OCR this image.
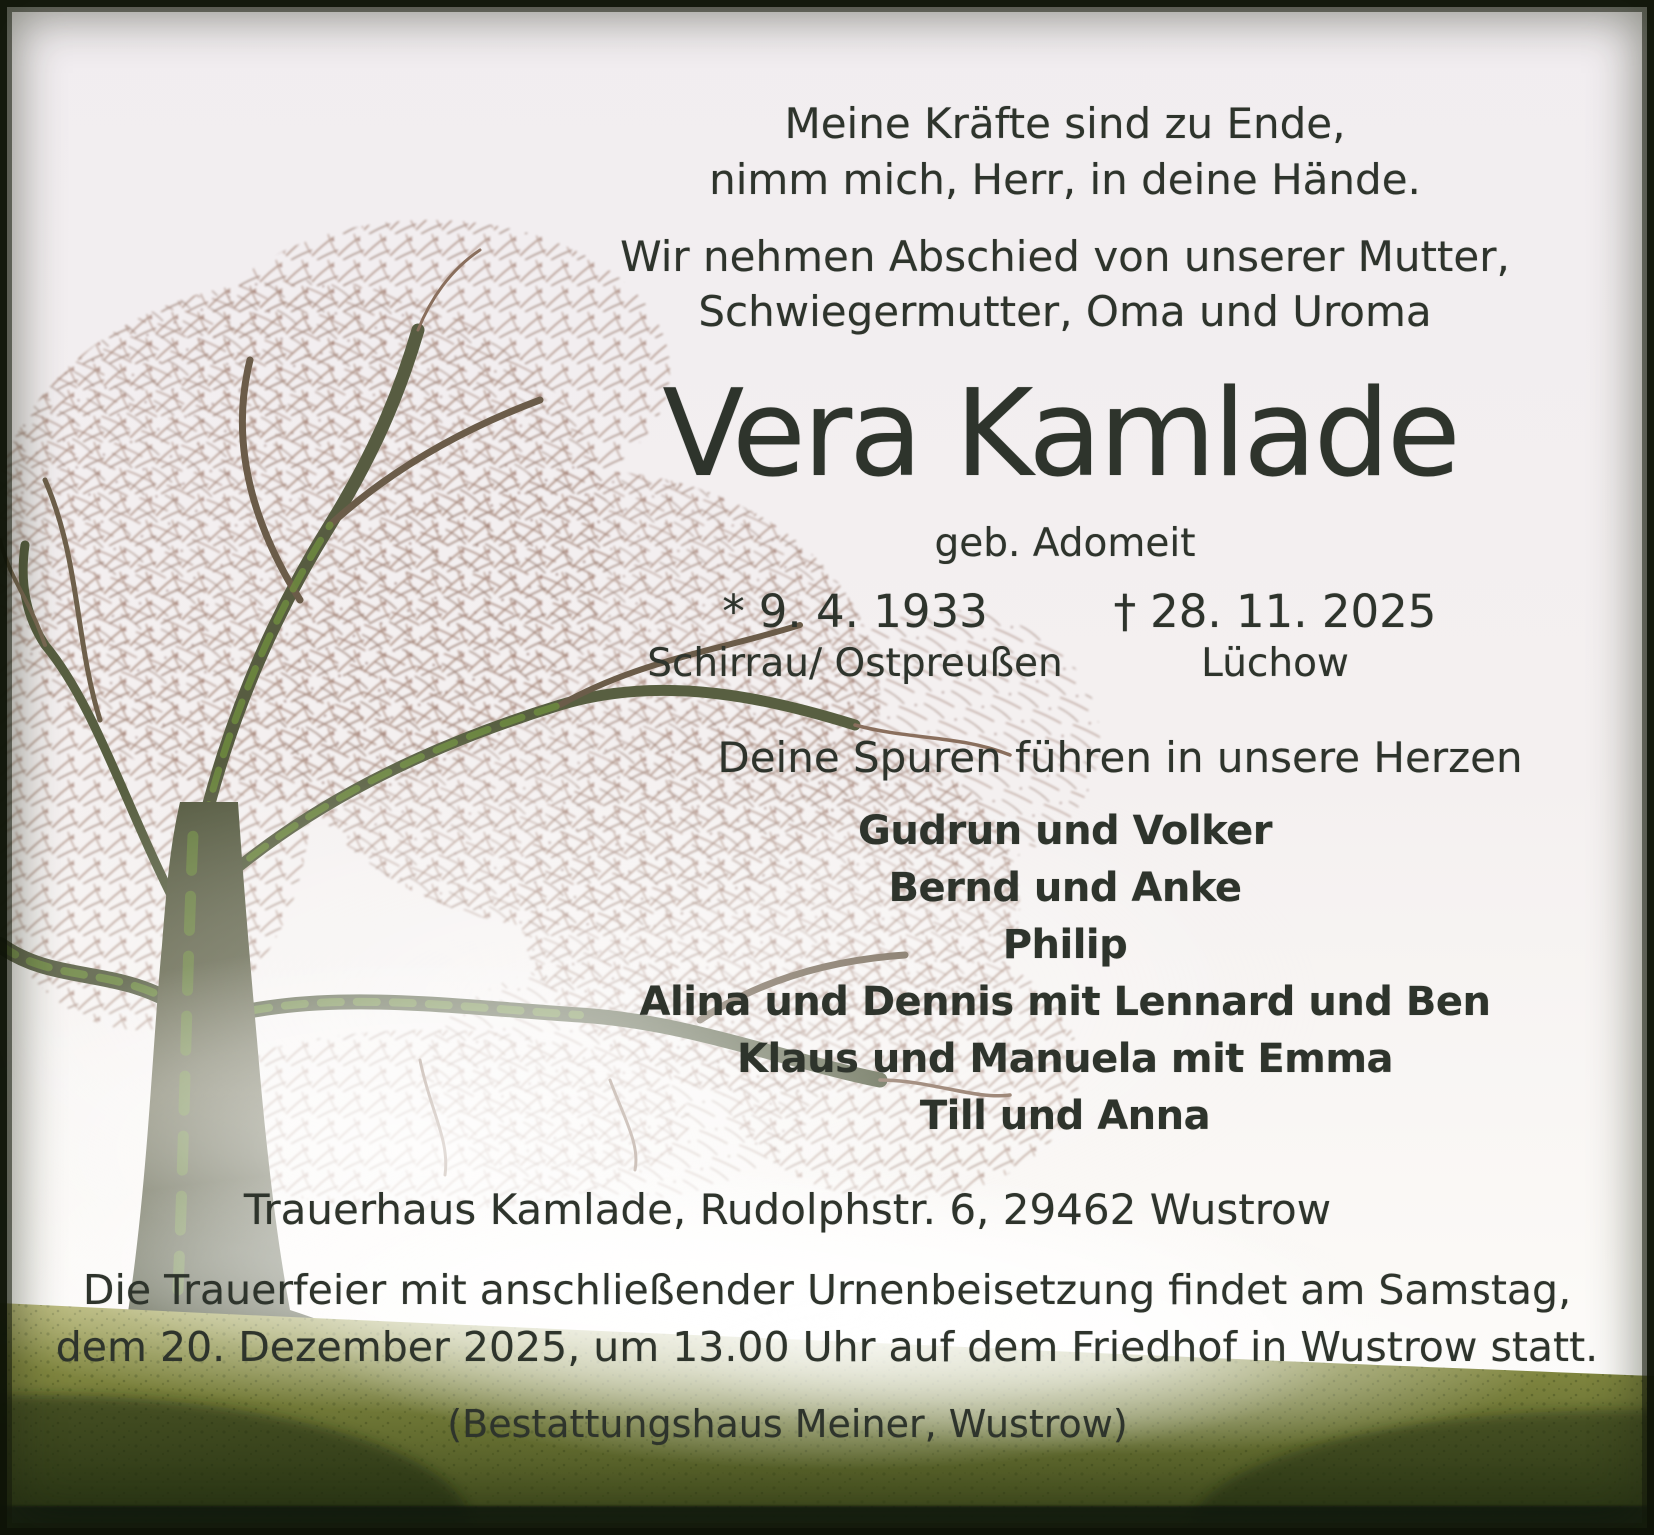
Meine Kräfte sind zu Ende,
nimm mich, Herr, in deine Hände.
Wir nehmen Abschied von unserer Mutter,
Schwiegermutter, Oma und Uroma
Vera Kamlade
geb. Adomeit
* 9. 4. 1933
Schirrau/ Ostpreußen
† 28. 11. 2025
Lüchow
Deine Spuren führen in unsere Herzen
Gudrun und Volker
Bernd und Anke
Philip
Alina und Dennis mit Lennard und Ben
Klaus und Manuela mit Emma
Till und Anna
Trauerhaus Kamlade, Rudolphstr. 6, 29462 Wustrow
Die Trauerfeier mit anschließender Urnenbeisetzung findet am Samstag,
dem 20. Dezember 2025, um 13.00 Uhr auf dem Friedhof in Wustrow statt.
(Bestattungshaus Meiner, Wustrow)
